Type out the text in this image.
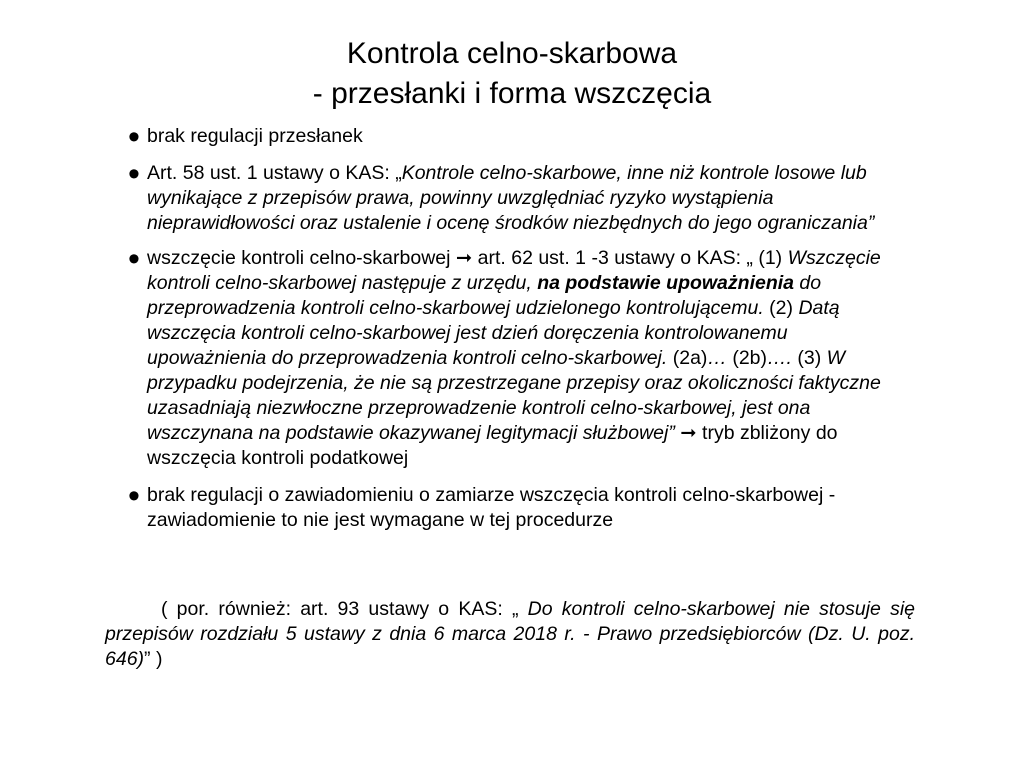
Kontrola celno-skarbowa
- przesłanki i forma wszczęcia
• brak regulacji przesłanek
• Art. 58 ust. 1 ustawy o KAS: „Kontrole celno-skarbowe, inne niż kontrole losowe lub wynikające z przepisów prawa, powinny uwzględniać ryzyko wystąpienia nieprawidłowości oraz ustalenie i ocenę środków niezbędnych do jego ograniczania”
• wszczęcie kontroli celno-skarbowej ➞ art. 62 ust. 1 -3 ustawy o KAS: „ (1) Wszczęcie kontroli celno-skarbowej następuje z urzędu, na podstawie upoważnienia do przeprowadzenia kontroli celno-skarbowej udzielonego kontrolującemu. (2) Datą wszczęcia kontroli celno-skarbowej jest dzień doręczenia kontrolowanemu upoważnienia do przeprowadzenia kontroli celno-skarbowej. (2a)… (2b)…. (3) W przypadku podejrzenia, że nie są przestrzegane przepisy oraz okoliczności faktyczne uzasadniają niezwłoczne przeprowadzenie kontroli celno-skarbowej, jest ona wszczynana na podstawie okazywanej legitymacji służbowej” ➞ tryb zbliżony do wszczęcia kontroli podatkowej
• brak regulacji o zawiadomieniu o zamiarze wszczęcia kontroli celno-skarbowej - zawiadomienie to nie jest wymagane w tej procedurze
( por. również: art. 93 ustawy o KAS: „ Do kontroli celno-skarbowej nie stosuje się przepisów rozdziału 5 ustawy z dnia 6 marca 2018 r. - Prawo przedsiębiorców (Dz. U. poz. 646)” )
